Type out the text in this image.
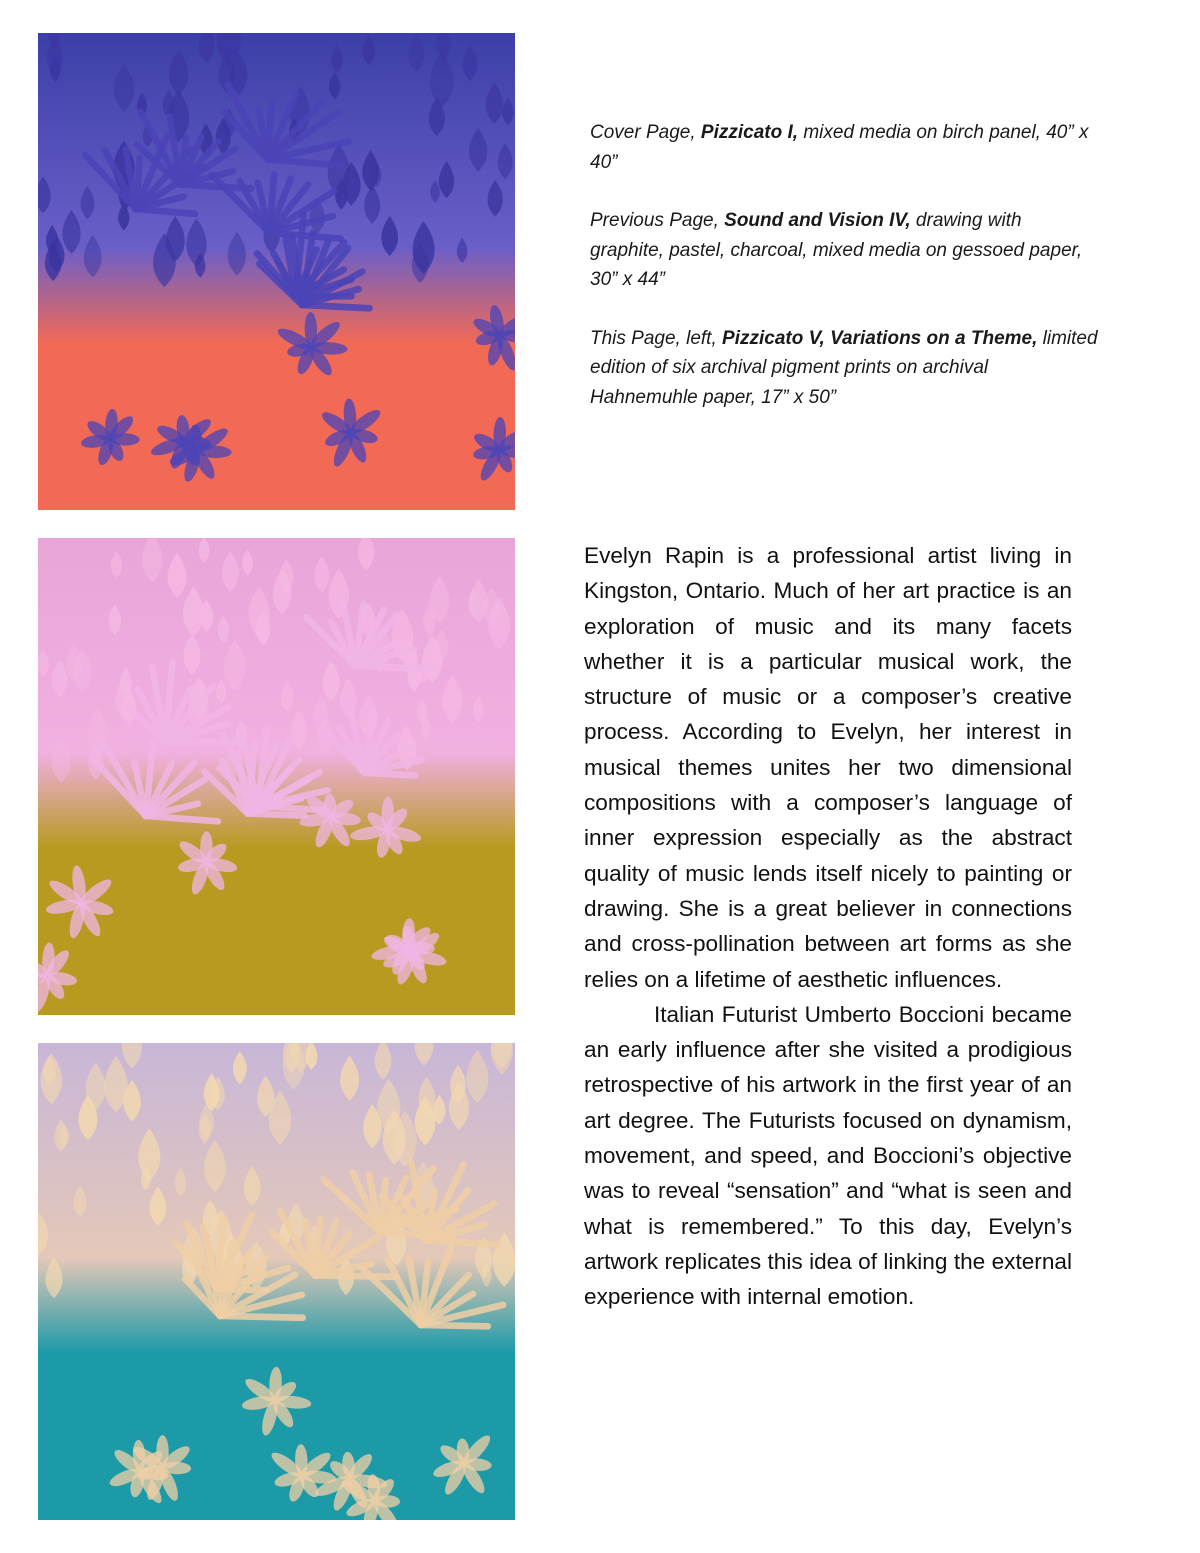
Cover Page, Pizzicato I, mixed media on birch panel, 40” x 40”

Previous Page, Sound and Vision IV, drawing with graphite, pastel, charcoal, mixed media on gessoed paper, 30” x 44”

This Page, left, Pizzicato V, Variations on a Theme, limited edition of six archival pigment prints on archival Hahnemuhle paper, 17” x 50”

Evelyn Rapin is a professional artist living in Kingston, Ontario. Much of her art practice is an exploration of music and its many facets whether it is a particular musical work, the structure of music or a composer’s creative process. According to Evelyn, her interest in musical themes unites her two dimensional compositions with a composer’s language of inner expression especially as the abstract quality of music lends itself nicely to painting or drawing. She is a great believer in connections and cross-pollination between art forms as she relies on a lifetime of aesthetic influences.

Italian Futurist Umberto Boccioni became an early influence after she visited a prodigious retrospective of his artwork in the first year of an art degree. The Futurists focused on dynamism, movement, and speed, and Boccioni’s objective was to reveal “sensation” and “what is seen and what is remembered.” To this day, Evelyn’s artwork replicates this idea of linking the external experience with internal emotion.
